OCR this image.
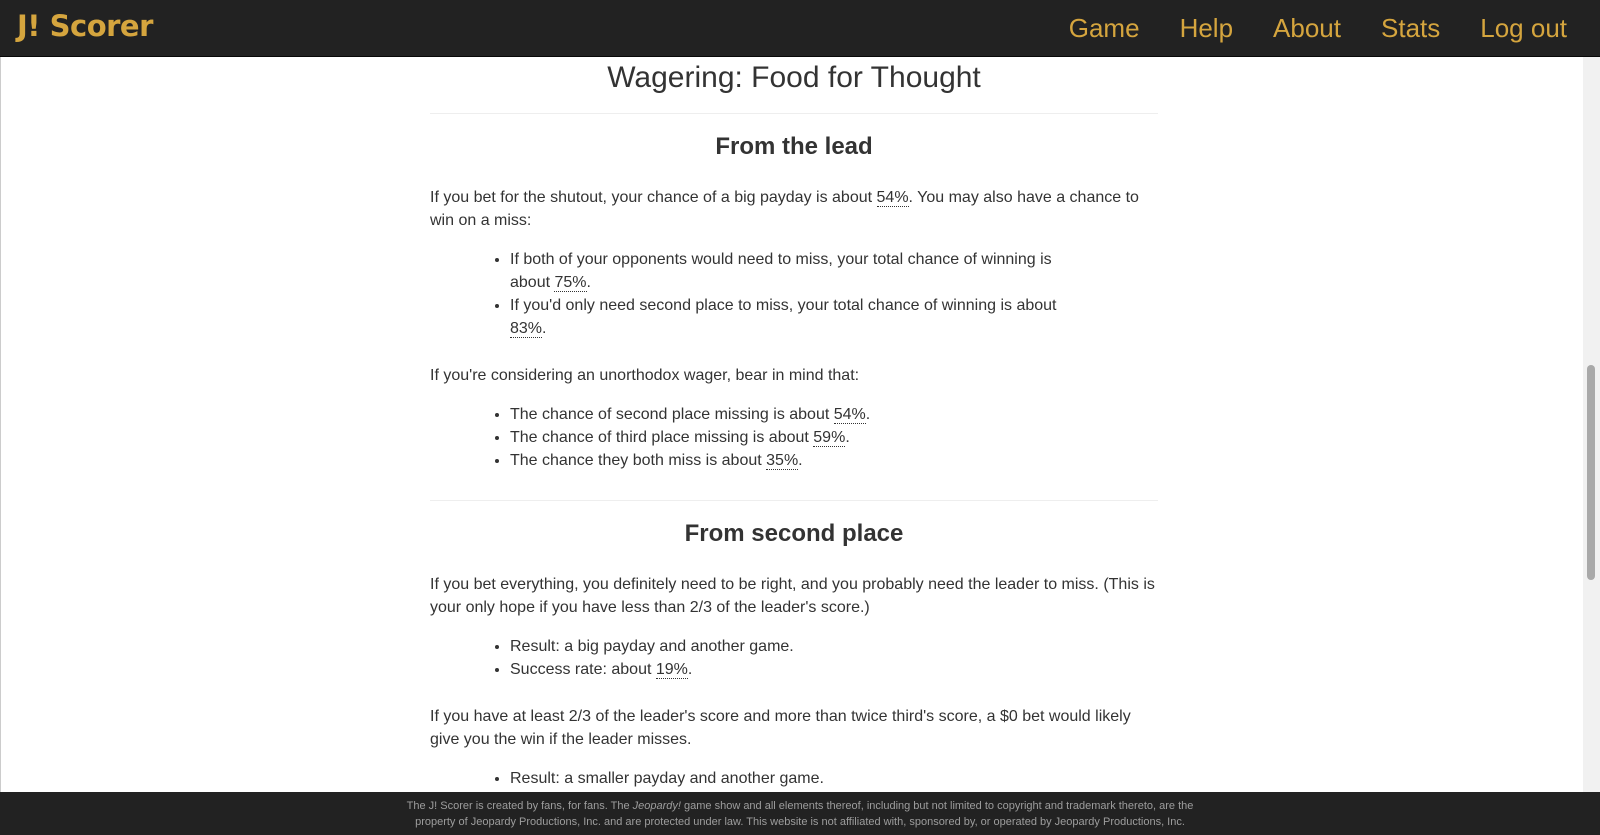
J! Scorer	Game Help About Stats Log out
Wagering: Food for Thought
From the lead

If you bet for the shutout, your chance of a big payday is about 54%. You may also have a chance to win on a miss:

• If both of your opponents would need to miss, your total chance of winning is about 75%.
• If you'd only need second place to miss, your total chance of winning is about 83%.

If you're considering an unorthodox wager, bear in mind that:

• The chance of second place missing is about 54%.
• The chance of third place missing is about 59%.
• The chance they both miss is about 35%.
From second place

If you bet everything, you definitely need to be right, and you probably need the leader to miss. (This is your only hope if you have less than 2/3 of the leader's score.)

• Result: a big payday and another game.
• Success rate: about 19%.

If you have at least 2/3 of the leader's score and more than twice third's score, a $0 bet would likely give you the win if the leader misses.

• Result: a smaller payday and another game.
The J! Scorer is created by fans, for fans. The Jeopardy! game show and all elements thereof, including but not limited to copyright and trademark thereto, are the property of Jeopardy Productions, Inc. and are protected under law. This website is not affiliated with, sponsored by, or operated by Jeopardy Productions, Inc.
